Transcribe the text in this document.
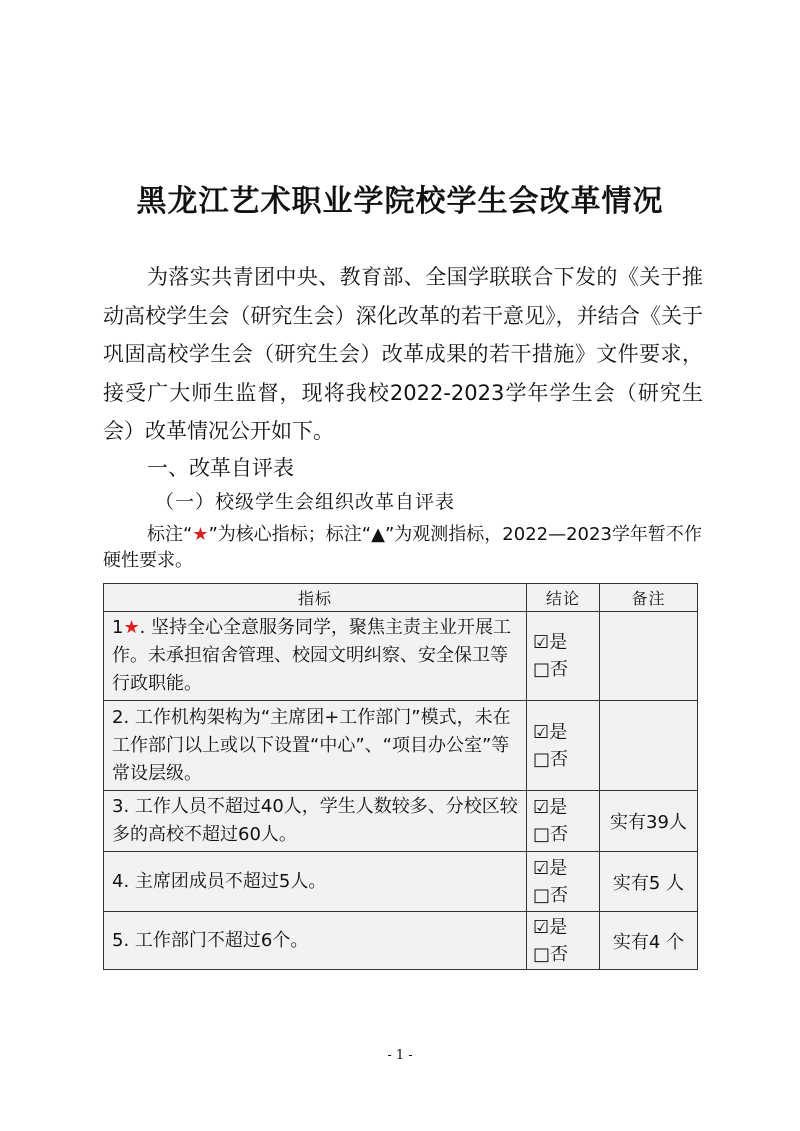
黑龙江艺术职业学院校学生会改革情况
为落实共青团中央、教育部、全国学联联合下发的《关于推动高校学生会（研究生会）深化改革的若干意见》，并结合《关于巩固高校学生会（研究生会）改革成果的若干措施》文件要求，接受广大师生监督，现将我校2022-2023学年学生会（研究生会）改革情况公开如下。
一、改革自评表
（一）校级学生会组织改革自评表
标注“★”为核心指标；标注“▲”为观测指标，2022—2023学年暂不作硬性要求。
指标	结论	备注
1★. 坚持全心全意服务同学，聚焦主责主业开展工作。未承担宿舍管理、校园文明纠察、安全保卫等行政职能。	☑是
□否	

2. 工作机构架构为“主席团+工作部门”模式，未在工作部门以上或以下设置“中心”、“项目办公室”等常设层级。	☑是
□否	

3. 工作人员不超过40人，学生人数较多、分校区较多的高校不超过60人。	☑是
□否	实有39人
4. 主席团成员不超过5人。	☑是
□否	实有5 人
5. 工作部门不超过6个。	☑是
□否	实有4 个
- 1 -
